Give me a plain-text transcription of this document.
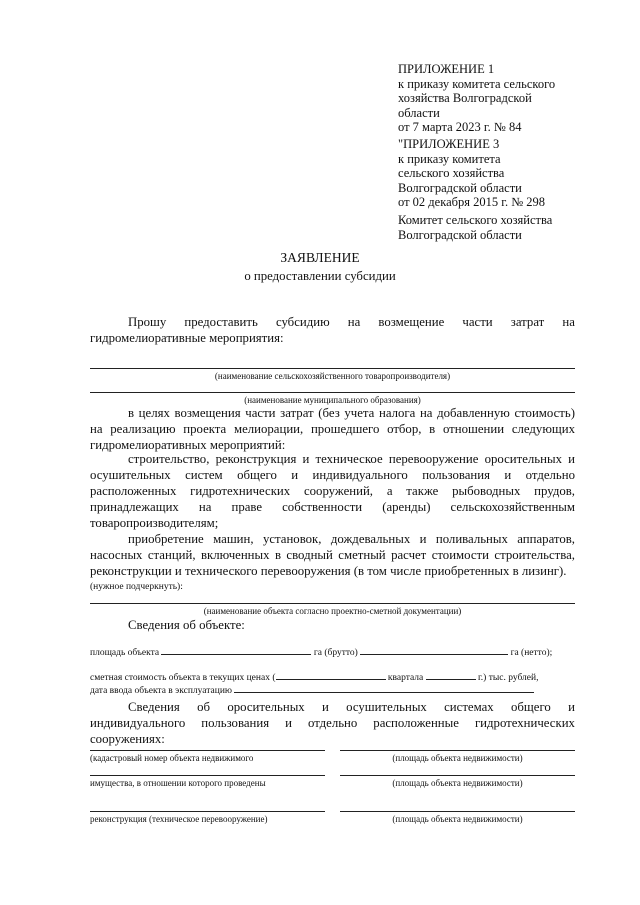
ПРИЛОЖЕНИЕ 1
к приказу комитета сельского
хозяйства Волгоградской
области
от 7 марта 2023 г. № 84
"ПРИЛОЖЕНИЕ 3
к приказу комитета
сельского хозяйства
Волгоградской области
от 02 декабря 2015 г. № 298
Комитет сельского хозяйства
Волгоградской области
ЗАЯВЛЕНИЕ
о предоставлении субсидии
Прошу предоставить субсидию на возмещение части затрат на
гидромелиоративные мероприятия:
(наименование сельскохозяйственного товаропроизводителя)
(наименование муниципального образования)
в целях возмещения части затрат (без учета налога на добавленную стоимость)
на реализацию проекта мелиорации, прошедшего отбор, в отношении следующих
гидромелиоративных мероприятий:
строительство, реконструкция и техническое перевооружение оросительных и
осушительных систем общего и индивидуального пользования и отдельно
расположенных гидротехнических сооружений, а также рыбоводных прудов,
принадлежащих на праве собственности (аренды) сельскохозяйственным
товаропроизводителям;
приобретение машин, установок, дождевальных и поливальных аппаратов,
насосных станций, включенных в сводный сметный расчет стоимости строительства,
реконструкции и технического перевооружения (в том числе приобретенных в лизинг).
(нужное подчеркнуть):
(наименование объекта согласно проектно-сметной документации)
Сведения об объекте:
площадь объекта	га (брутто)	га (нетто);
сметная стоимость объекта в текущих ценах (	квартала	г.) тыс. рублей,
дата ввода объекта в эксплуатацию
Сведения об оросительных и осушительных системах общего и
индивидуального пользования и отдельно расположенные гидротехнических
сооружениях:
(кадастровый номер объекта недвижимого	(площадь объекта недвижимости)
имущества, в отношении которого проведены	(площадь объекта недвижимости)
реконструкция (техническое перевооружение)	(площадь объекта недвижимости)
